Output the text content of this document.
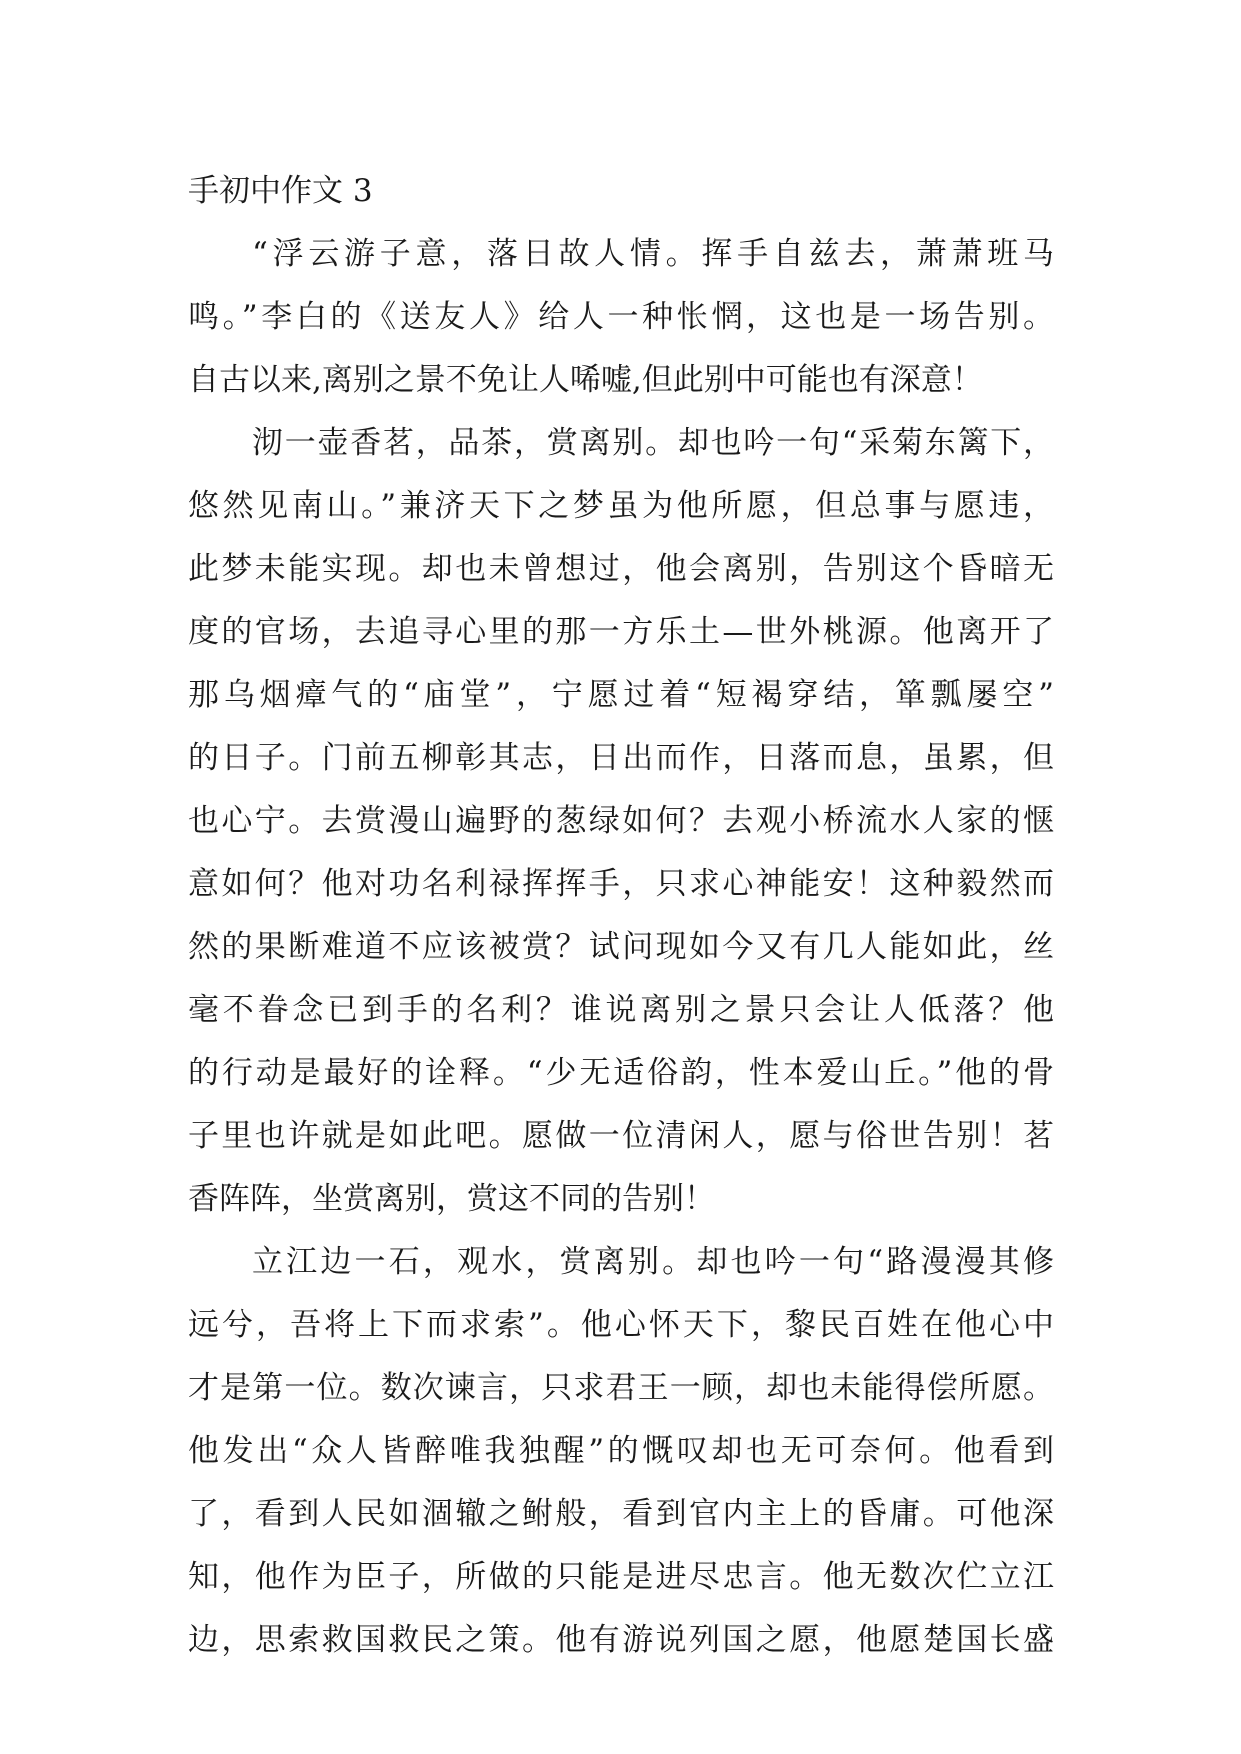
手初中作文 3
“浮云游子意，落日故人情。挥手自兹去，萧萧班马
鸣。”李白的《送友人》给人一种怅惘，这也是一场告别。
自古以来,离别之景不免让人唏嘘,但此别中可能也有深意！
沏一壶香茗，品茶，赏离别。却也吟一句“采菊东篱下，
悠然见南山。”兼济天下之梦虽为他所愿，但总事与愿违，
此梦未能实现。却也未曾想过，他会离别，告别这个昏暗无
度的官场，去追寻心里的那一方乐土—世外桃源。他离开了
那乌烟瘴气的“庙堂”，宁愿过着“短褐穿结，箪瓢屡空”
的日子。门前五柳彰其志，日出而作，日落而息，虽累，但
也心宁。去赏漫山遍野的葱绿如何？去观小桥流水人家的惬
意如何？他对功名利禄挥挥手，只求心神能安！这种毅然而
然的果断难道不应该被赏？试问现如今又有几人能如此，丝
毫不眷念已到手的名利？谁说离别之景只会让人低落？他
的行动是最好的诠释。“少无适俗韵，性本爱山丘。”他的骨
子里也许就是如此吧。愿做一位清闲人，愿与俗世告别！茗
香阵阵，坐赏离别，赏这不同的告别！
立江边一石，观水，赏离别。却也吟一句“路漫漫其修
远兮，吾将上下而求索”。他心怀天下，黎民百姓在他心中
才是第一位。数次谏言，只求君王一顾，却也未能得偿所愿。
他发出“众人皆醉唯我独醒”的慨叹却也无可奈何。他看到
了，看到人民如涸辙之鲋般，看到官内主上的昏庸。可他深
知，他作为臣子，所做的只能是进尽忠言。他无数次伫立江
边，思索救国救民之策。他有游说列国之愿，他愿楚国长盛
